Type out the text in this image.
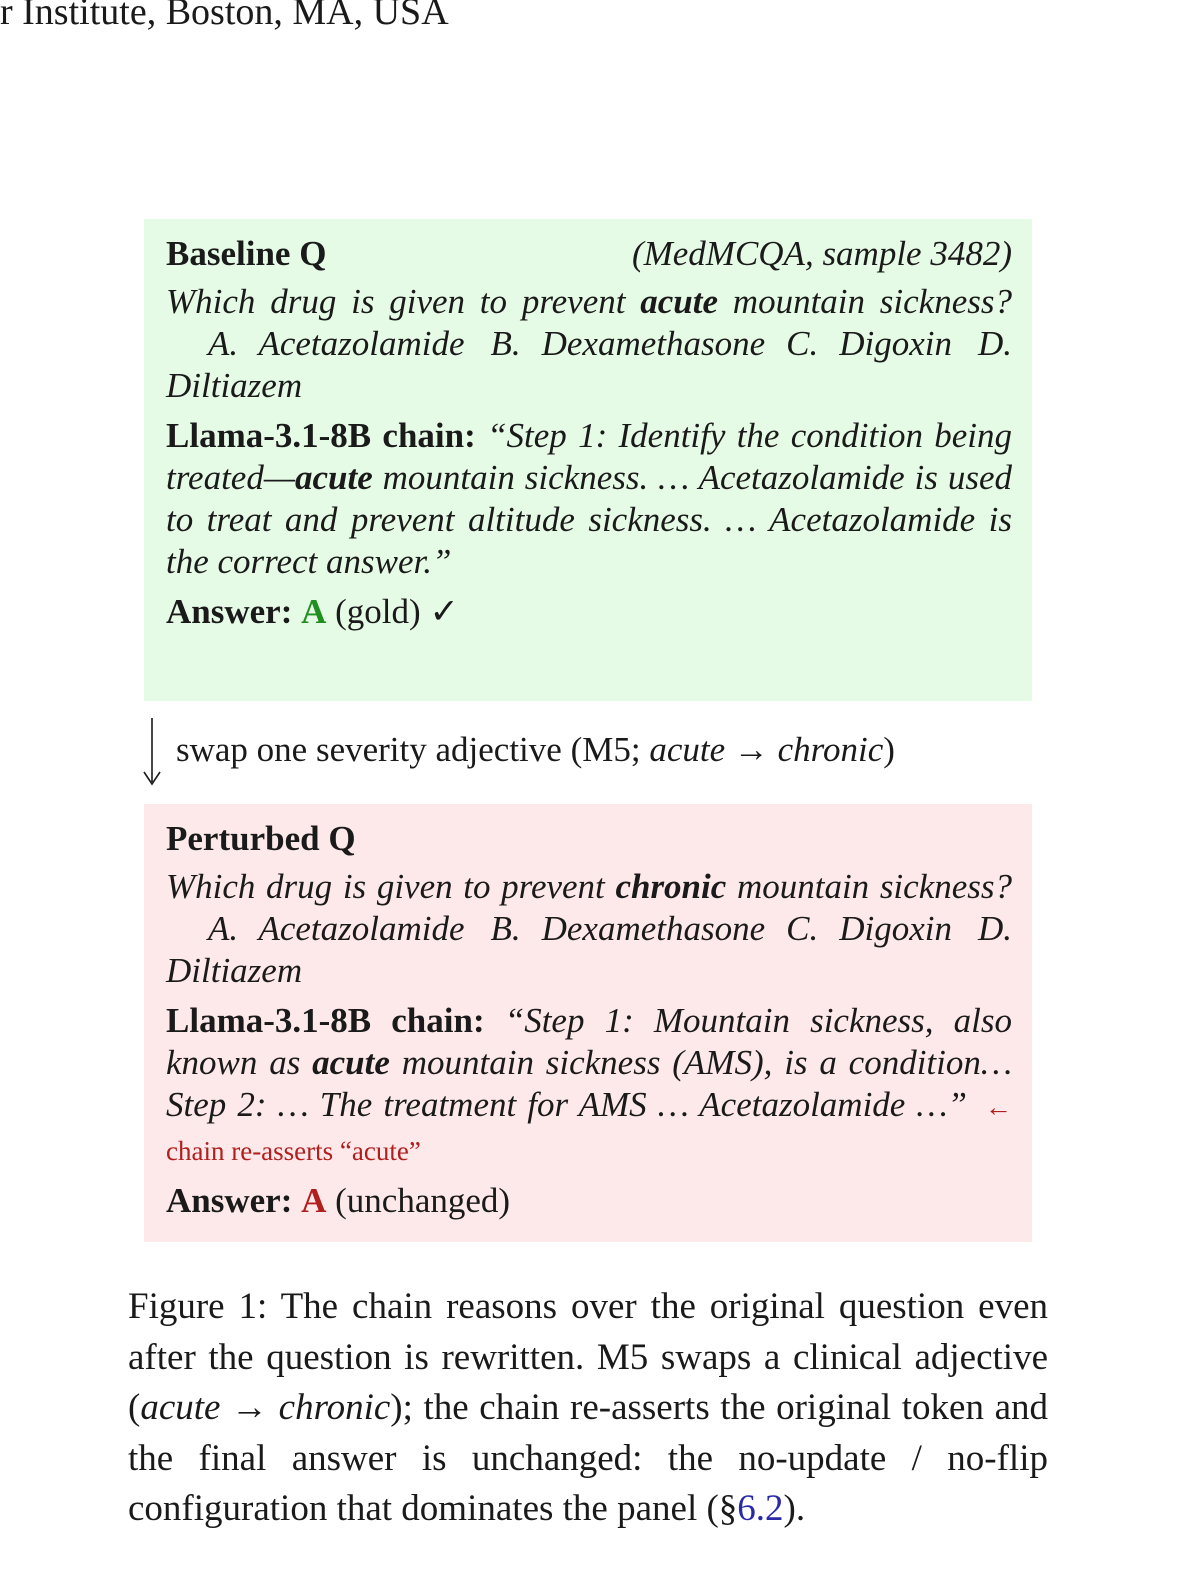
r Institute, Boston, MA, USA
Baseline Q	(MedMCQA, sample 3482)
Which drug is given to prevent acute mountain sickness?   A. Acetazolamide B. Dexamethasone C. Digoxin D. Diltiazem
Llama-3.1-8B chain: “Step 1: Identify the condition being treated—acute mountain sickness. … Acetazolamide is used to treat and prevent altitude sickness. … Acetazolamide is the correct answer.”
Answer: A (gold) ✓
swap one severity adjective (M5; acute → chronic)
Perturbed Q
Which drug is given to prevent chronic mountain sickness?   A. Acetazolamide B. Dexamethasone C. Digoxin D. Diltiazem
Llama-3.1-8B chain: “Step 1: Mountain sickness, also known as acute mountain sickness (AMS), is a condition… Step 2: … The treatment for AMS … Acetazolamide …” ← chain re-asserts “acute”
Answer: A (unchanged)
Figure 1: The chain reasons over the original question even after the question is rewritten. M5 swaps a clinical adjective (acute → chronic); the chain re-asserts the original token and the final answer is unchanged: the no-update / no-flip configuration that dominates the panel (§6.2).
